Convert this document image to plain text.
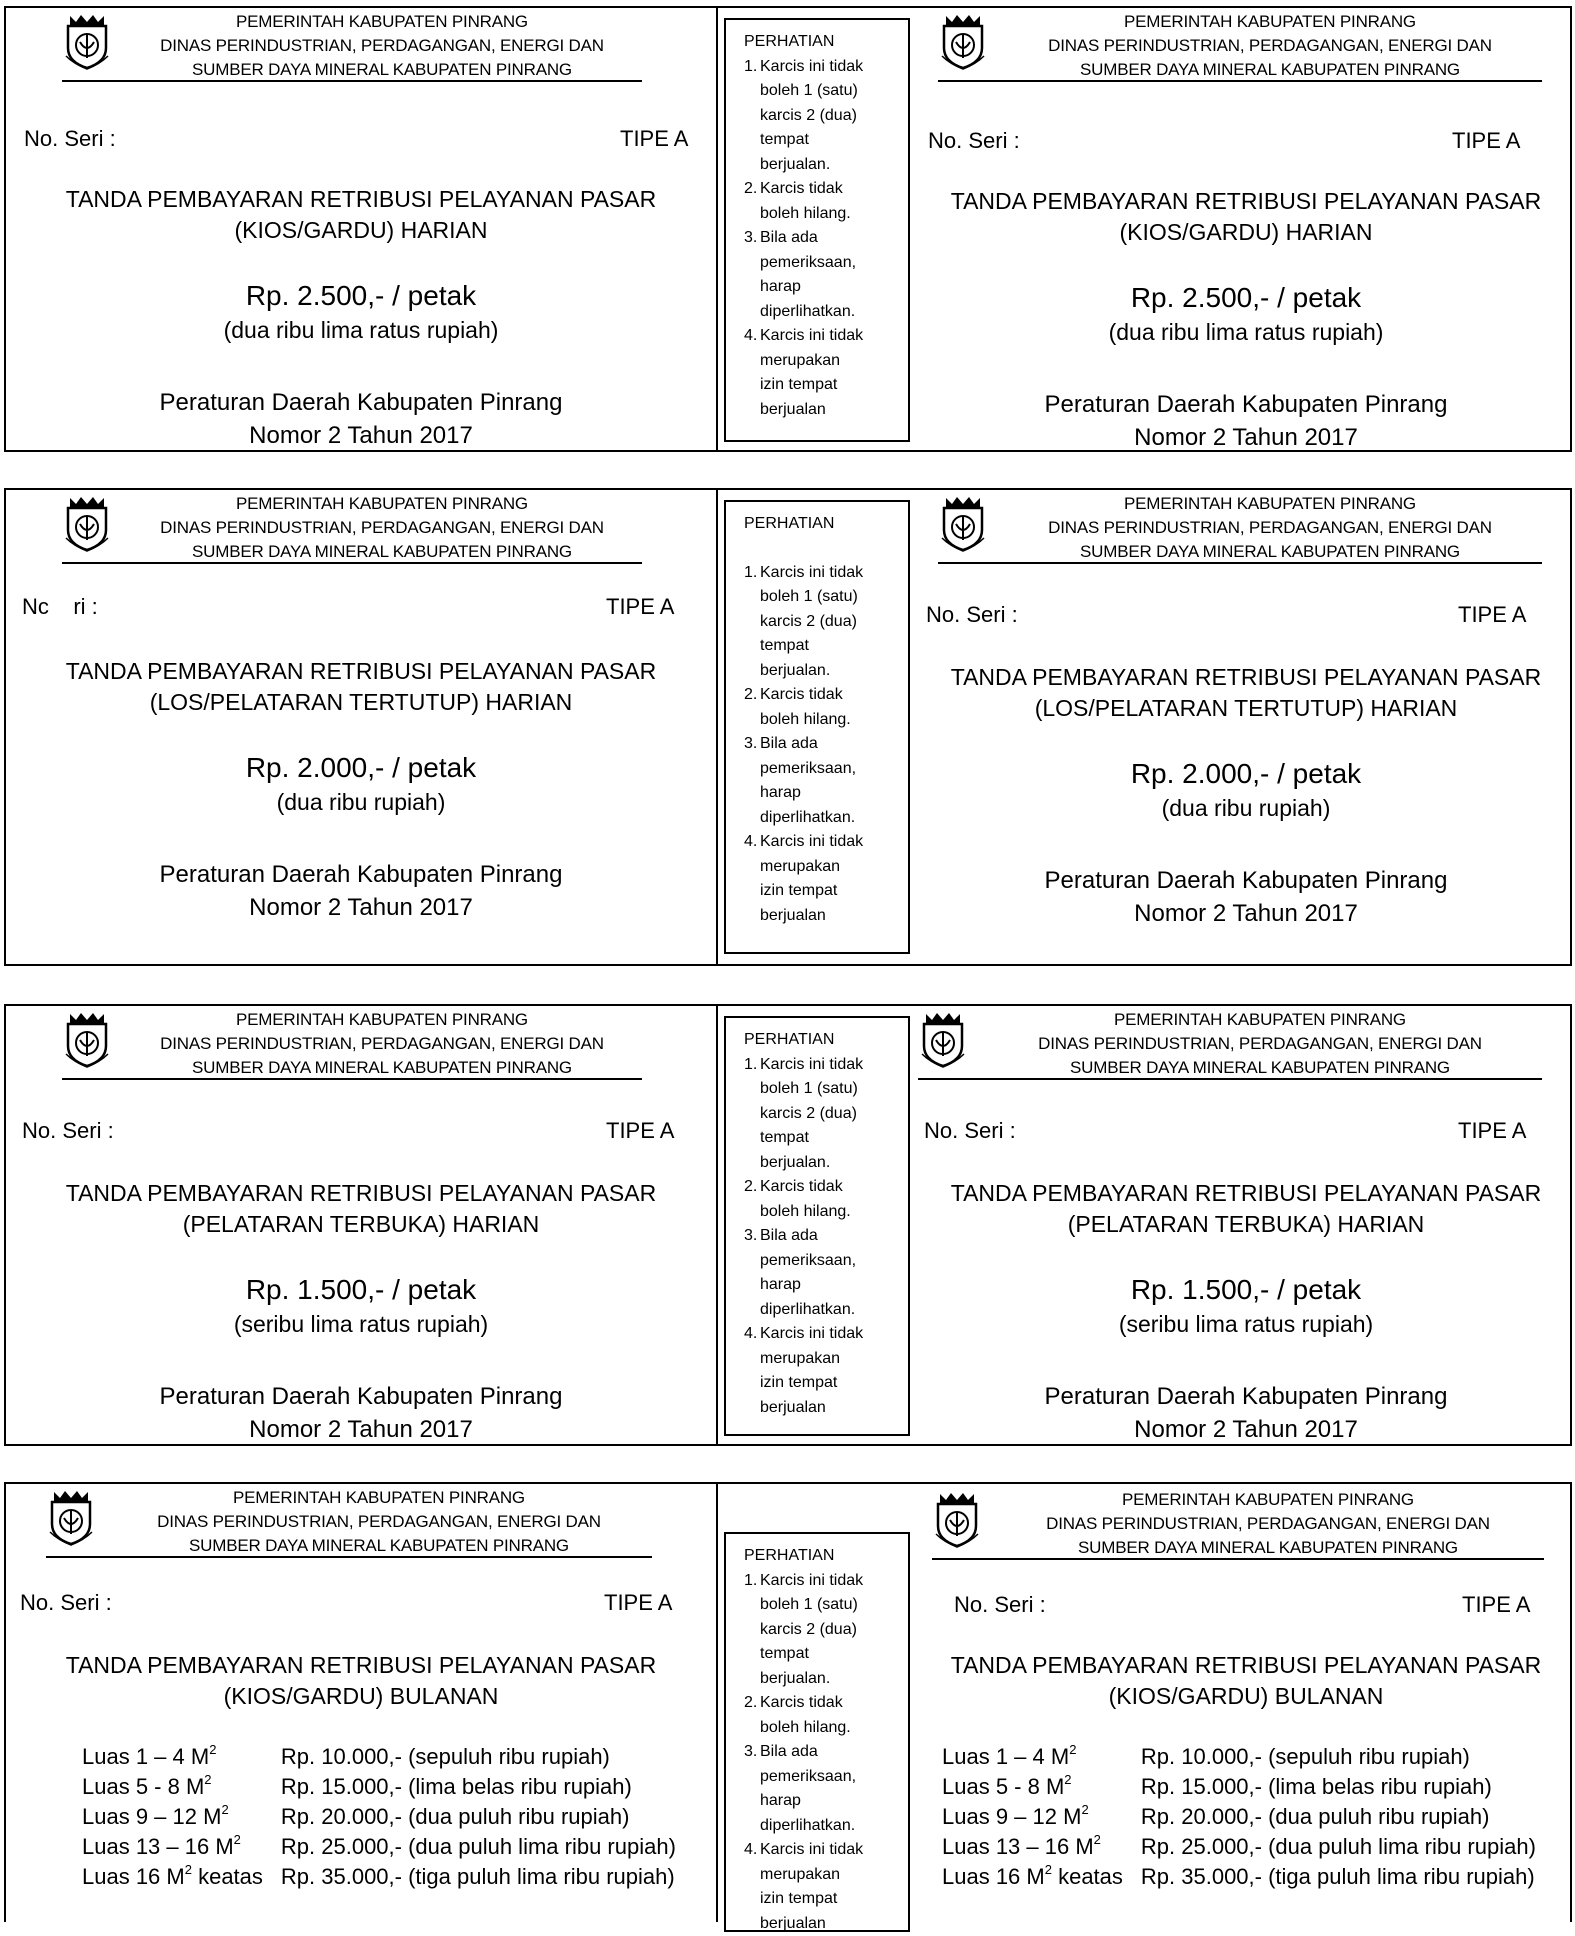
PEMERINTAH KABUPATEN PINRANG
DINAS PERINDUSTRIAN, PERDAGANGAN, ENERGI DAN
SUMBER DAYA MINERAL KABUPATEN PINRANG
No. Seri :	TIPE A
TANDA PEMBAYARAN RETRIBUSI PELAYANAN PASAR
(KIOS/GARDU) HARIAN
Rp. 2.500,- / petak
(dua ribu lima ratus rupiah)
Peraturan Daerah Kabupaten Pinrang
Nomor 2 Tahun 2017
PERHATIAN
1. Karcis ini tidak
boleh 1 (satu)
karcis 2 (dua)
tempat
berjualan.
2. Karcis tidak
boleh hilang.
3. Bila ada
pemeriksaan,
harap
diperlihatkan.
4. Karcis ini tidak
merupakan
izin tempat
berjualan
PEMERINTAH KABUPATEN PINRANG
DINAS PERINDUSTRIAN, PERDAGANGAN, ENERGI DAN
SUMBER DAYA MINERAL KABUPATEN PINRANG
No. Seri :	TIPE A
TANDA PEMBAYARAN RETRIBUSI PELAYANAN PASAR
(KIOS/GARDU) HARIAN
Rp. 2.500,- / petak
(dua ribu lima ratus rupiah)
Peraturan Daerah Kabupaten Pinrang
Nomor 2 Tahun 2017
PEMERINTAH KABUPATEN PINRANG
DINAS PERINDUSTRIAN, PERDAGANGAN, ENERGI DAN
SUMBER DAYA MINERAL KABUPATEN PINRANG
Nc    ri :	TIPE A
TANDA PEMBAYARAN RETRIBUSI PELAYANAN PASAR
(LOS/PELATARAN TERTUTUP) HARIAN
Rp. 2.000,- / petak
(dua ribu rupiah)
Peraturan Daerah Kabupaten Pinrang
Nomor 2 Tahun 2017
PERHATIAN
1. Karcis ini tidak
boleh 1 (satu)
karcis 2 (dua)
tempat
berjualan.
2. Karcis tidak
boleh hilang.
3. Bila ada
pemeriksaan,
harap
diperlihatkan.
4. Karcis ini tidak
merupakan
izin tempat
berjualan
PEMERINTAH KABUPATEN PINRANG
DINAS PERINDUSTRIAN, PERDAGANGAN, ENERGI DAN
SUMBER DAYA MINERAL KABUPATEN PINRANG
No. Seri :	TIPE A
TANDA PEMBAYARAN RETRIBUSI PELAYANAN PASAR
(LOS/PELATARAN TERTUTUP) HARIAN
Rp. 2.000,- / petak
(dua ribu rupiah)
Peraturan Daerah Kabupaten Pinrang
Nomor 2 Tahun 2017
PEMERINTAH KABUPATEN PINRANG
DINAS PERINDUSTRIAN, PERDAGANGAN, ENERGI DAN
SUMBER DAYA MINERAL KABUPATEN PINRANG
No. Seri :	TIPE A
TANDA PEMBAYARAN RETRIBUSI PELAYANAN PASAR
(PELATARAN TERBUKA) HARIAN
Rp. 1.500,- / petak
(seribu lima ratus rupiah)
Peraturan Daerah Kabupaten Pinrang
Nomor 2 Tahun 2017
PERHATIAN
1. Karcis ini tidak
boleh 1 (satu)
karcis 2 (dua)
tempat
berjualan.
2. Karcis tidak
boleh hilang.
3. Bila ada
pemeriksaan,
harap
diperlihatkan.
4. Karcis ini tidak
merupakan
izin tempat
berjualan
PEMERINTAH KABUPATEN PINRANG
DINAS PERINDUSTRIAN, PERDAGANGAN, ENERGI DAN
SUMBER DAYA MINERAL KABUPATEN PINRANG
No. Seri :	TIPE A
TANDA PEMBAYARAN RETRIBUSI PELAYANAN PASAR
(PELATARAN TERBUKA) HARIAN
Rp. 1.500,- / petak
(seribu lima ratus rupiah)
Peraturan Daerah Kabupaten Pinrang
Nomor 2 Tahun 2017
PEMERINTAH KABUPATEN PINRANG
DINAS PERINDUSTRIAN, PERDAGANGAN, ENERGI DAN
SUMBER DAYA MINERAL KABUPATEN PINRANG
No. Seri :	TIPE A
TANDA PEMBAYARAN RETRIBUSI PELAYANAN PASAR
(KIOS/GARDU) BULANAN
Luas 1 – 4 $M^2$	Rp. 10.000,- (sepuluh ribu rupiah)
Luas 5 - 8 $M^2$	Rp. 15.000,- (lima belas ribu rupiah)
Luas 9 – 12 $M^2$	Rp. 20.000,- (dua puluh ribu rupiah)
Luas 13 – 16 $M^2$	Rp. 25.000,- (dua puluh lima ribu rupiah)
Luas 16 $M^2$ keatas	Rp. 35.000,- (tiga puluh lima ribu rupiah)
PERHATIAN
1. Karcis ini tidak
boleh 1 (satu)
karcis 2 (dua)
tempat
berjualan.
2. Karcis tidak
boleh hilang.
3. Bila ada
pemeriksaan,
harap
diperlihatkan.
4. Karcis ini tidak
merupakan
izin tempat
berjualan
PEMERINTAH KABUPATEN PINRANG
DINAS PERINDUSTRIAN, PERDAGANGAN, ENERGI DAN
SUMBER DAYA MINERAL KABUPATEN PINRANG
No. Seri :	TIPE A
TANDA PEMBAYARAN RETRIBUSI PELAYANAN PASAR
(KIOS/GARDU) BULANAN
Luas 1 – 4 $M^2$	Rp. 10.000,- (sepuluh ribu rupiah)
Luas 5 - 8 $M^2$	Rp. 15.000,- (lima belas ribu rupiah)
Luas 9 – 12 $M^2$	Rp. 20.000,- (dua puluh ribu rupiah)
Luas 13 – 16 $M^2$	Rp. 25.000,- (dua puluh lima ribu rupiah)
Luas 16 $M^2$ keatas	Rp. 35.000,- (tiga puluh lima ribu rupiah)
